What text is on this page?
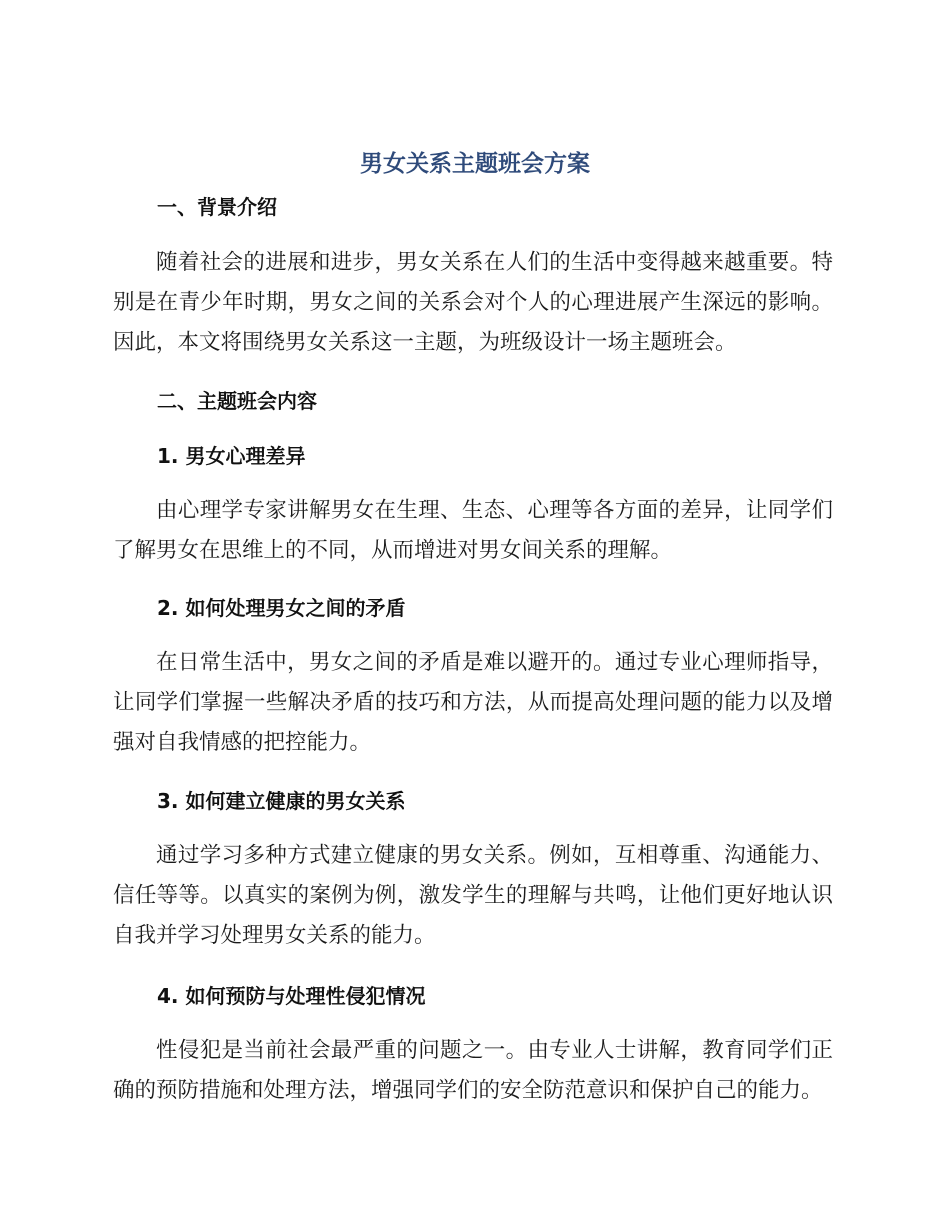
男女关系主题班会方案
一、背景介绍

随着社会的进展和进步，男女关系在人们的生活中变得越来越重要。特别是在青少年时期，男女之间的关系会对个人的心理进展产生深远的影响。因此，本文将围绕男女关系这一主题，为班级设计一场主题班会。

二、主题班会内容
1. 男女心理差异

由心理学专家讲解男女在生理、生态、心理等各方面的差异，让同学们了解男女在思维上的不同，从而增进对男女间关系的理解。

2. 如何处理男女之间的矛盾

在日常生活中，男女之间的矛盾是难以避开的。通过专业心理师指导，让同学们掌握一些解决矛盾的技巧和方法，从而提高处理问题的能力以及增强对自我情感的把控能力。

3. 如何建立健康的男女关系

通过学习多种方式建立健康的男女关系。例如，互相尊重、沟通能力、信任等等。以真实的案例为例，激发学生的理解与共鸣，让他们更好地认识自我并学习处理男女关系的能力。

4. 如何预防与处理性侵犯情况

性侵犯是当前社会最严重的问题之一。由专业人士讲解，教育同学们正确的预防措施和处理方法，增强同学们的安全防范意识和保护自己的能力。
